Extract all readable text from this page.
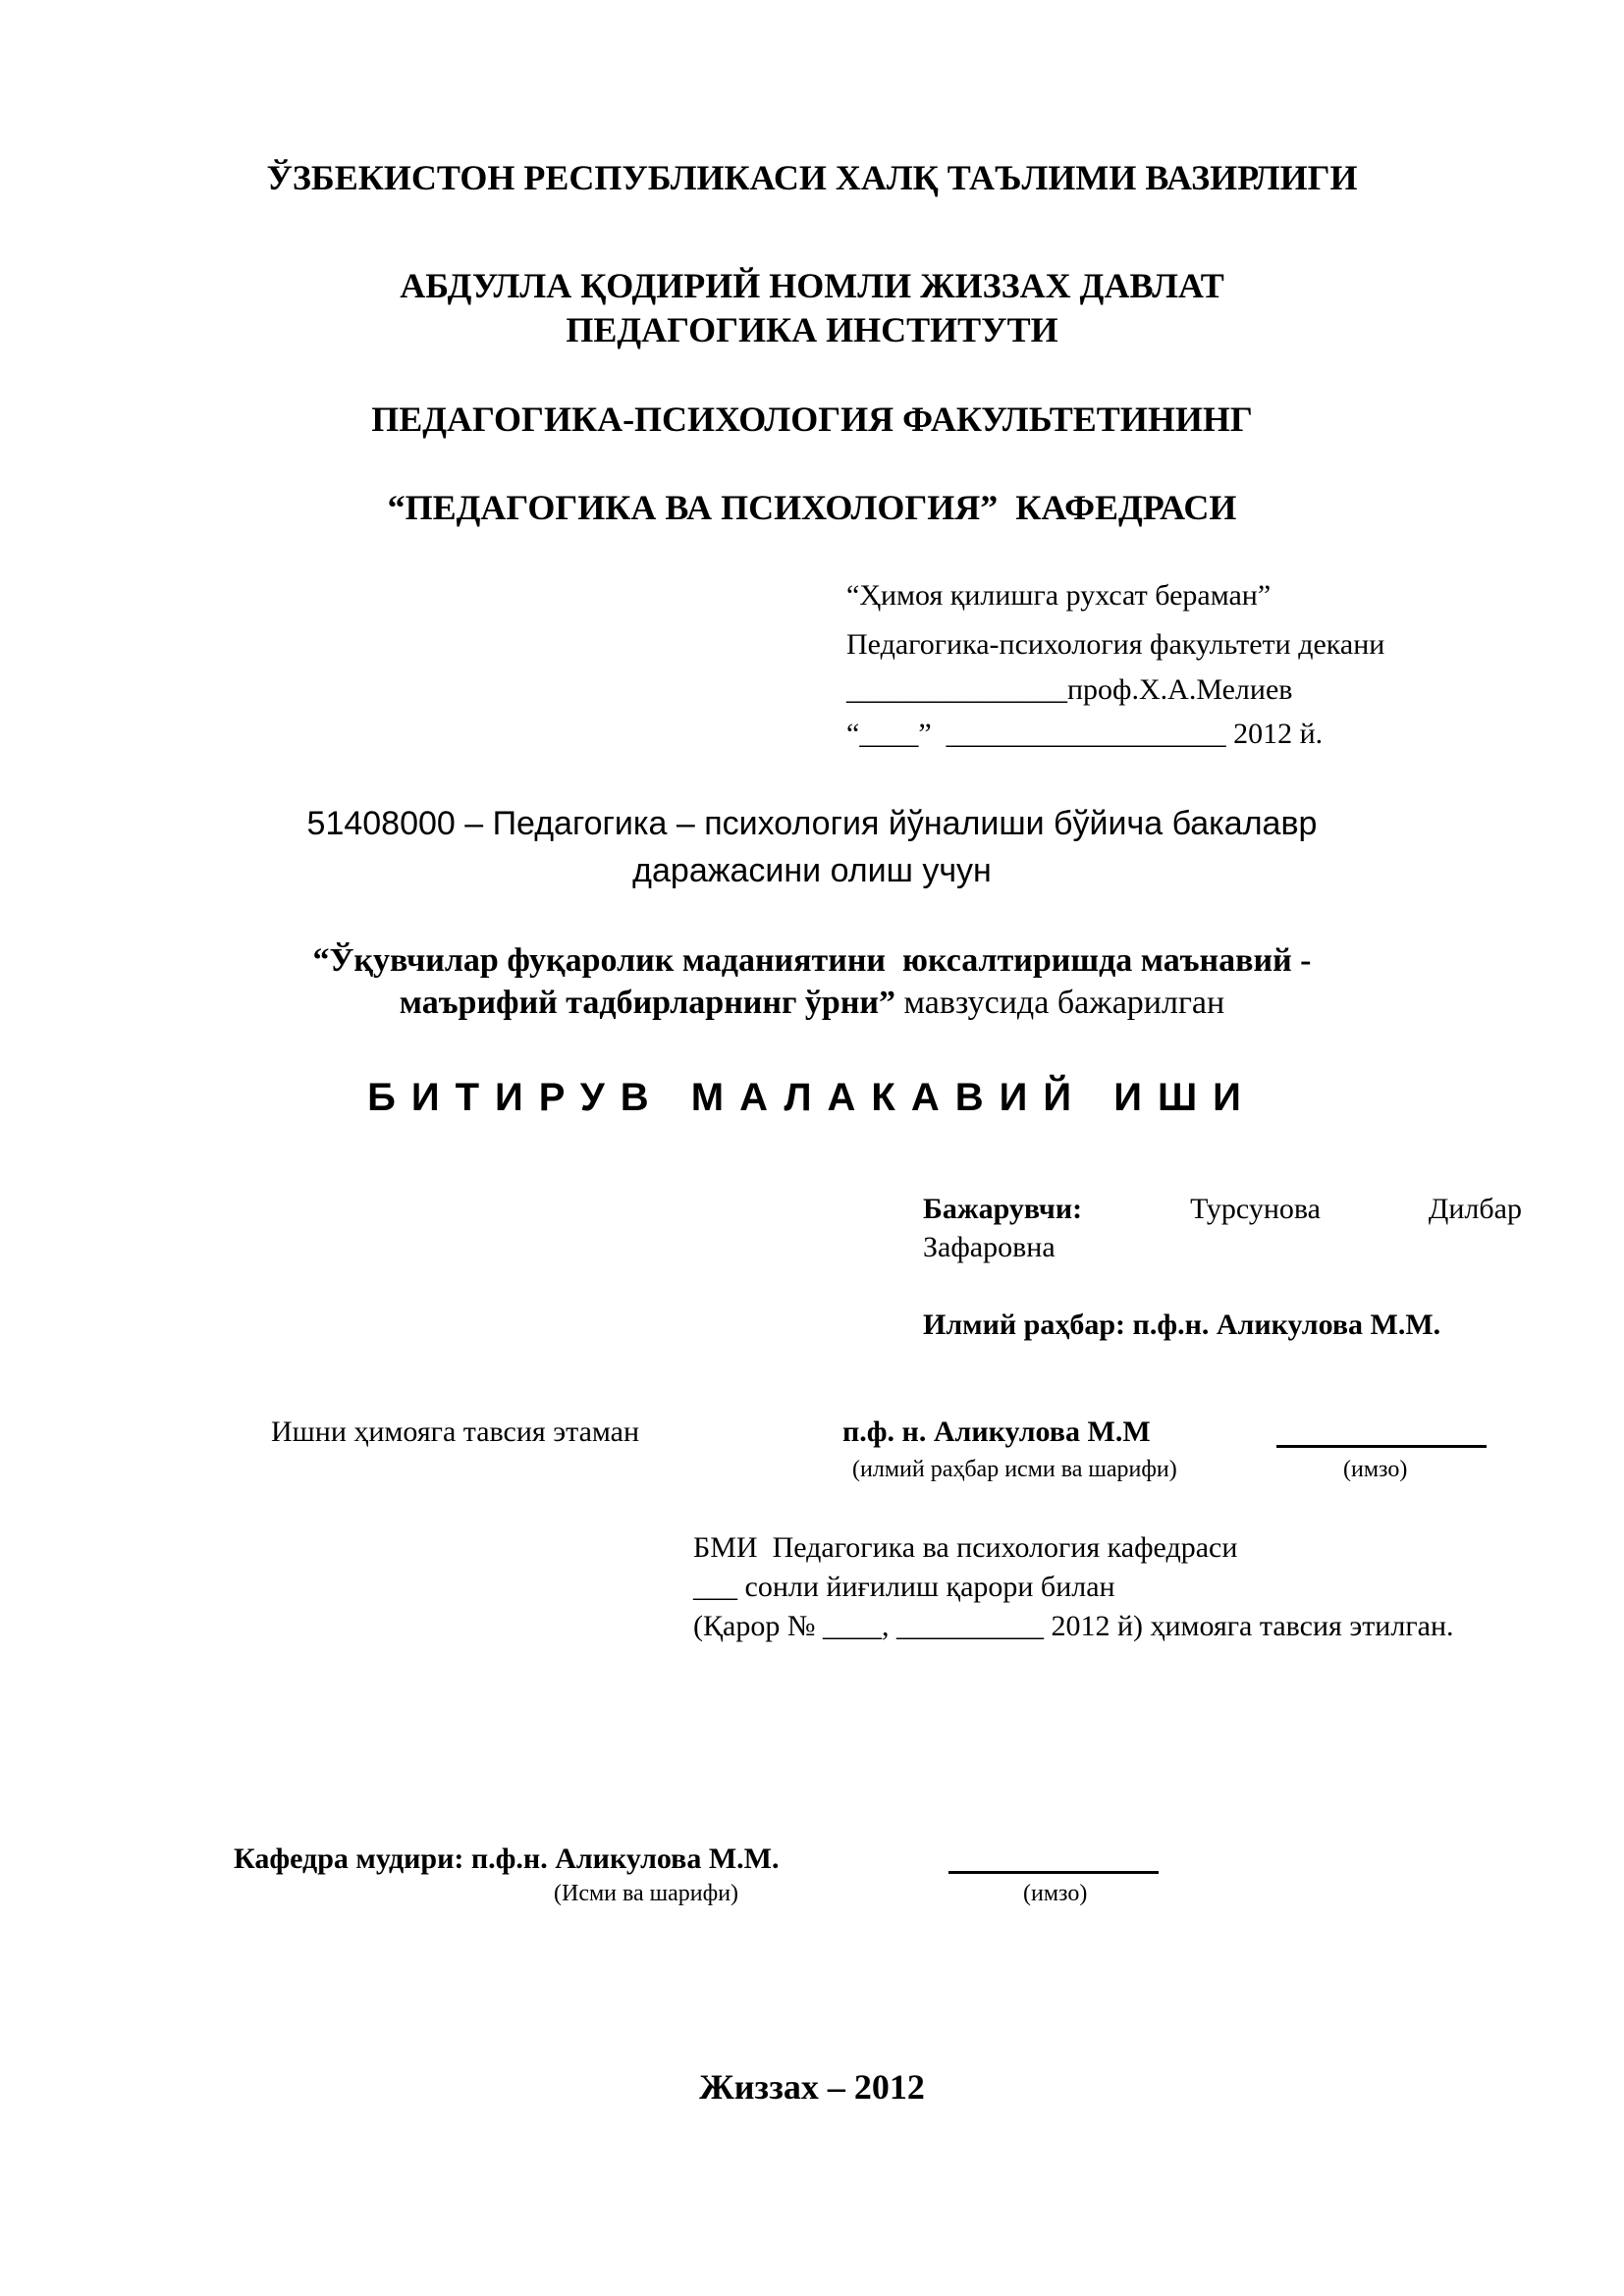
ЎЗБЕКИСТОН РЕСПУБЛИКАСИ ХАЛҚ ТАЪЛИМИ ВАЗИРЛИГИ
АБДУЛЛА ҚОДИРИЙ НОМЛИ ЖИЗЗАХ ДАВЛАТ
ПЕДАГОГИКА ИНСТИТУТИ
ПЕДАГОГИКА-ПСИХОЛОГИЯ ФАКУЛЬТЕТИНИНГ
“ПЕДАГОГИКА ВА ПСИХОЛОГИЯ”  КАФЕДРАСИ
“Ҳимоя қилишга рухсат бераман”
Педагогика-психология факультети декани
_______________проф.Х.А.Мелиев
“____”  ___________________ 2012 й.
51408000 – Педагогика – психология йўналиши бўйича бакалавр
даражасини олиш учун
“Ўқувчилар фуқаролик маданиятини  юксалтиришда маънавий -
маърифий тадбирларнинг ўрни” мавзусида бажарилган
БИТИРУВ МАЛАКАВИЙ ИШИ
Бажарувчи:	Турсунова	Дилбар
Зафаровна
Илмий раҳбар: п.ф.н. Аликулова М.М.
Ишни ҳимояга тавсия этаман	п.ф. н. Аликулова М.М
(илмий раҳбар исми ва шарифи)	(имзо)
БМИ  Педагогика ва психология кафедраси
___ сонли йиғилиш қарори билан
(Қарор № ____, __________ 2012 й) ҳимояга тавсия этилган.
Кафедра мудири: п.ф.н. Аликулова М.М.
(Исми ва шарифи)	(имзо)
Жиззах – 2012
